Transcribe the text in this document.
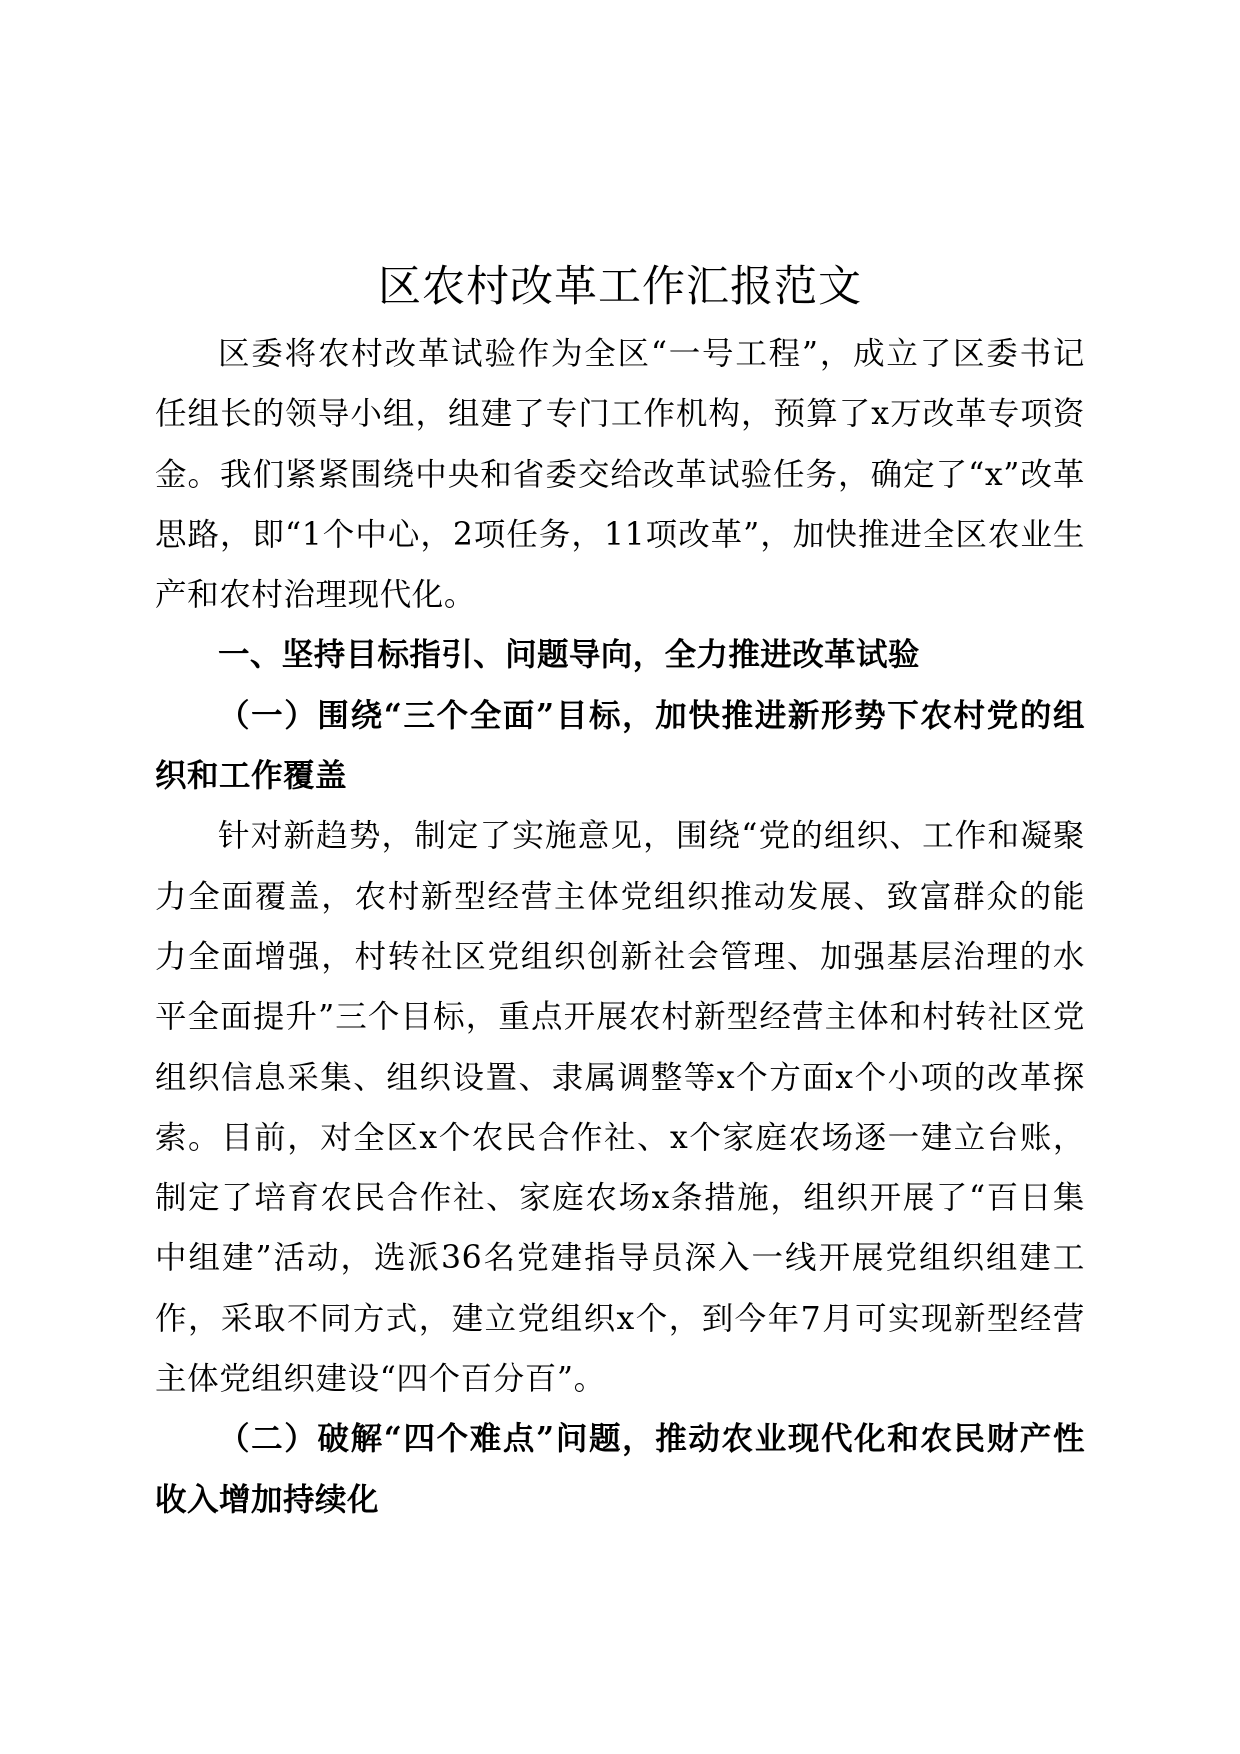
区农村改革工作汇报范文

区委将农村改革试验作为全区“一号工程”，成立了区委书记任组长的领导小组，组建了专门工作机构，预算了x万改革专项资金。我们紧紧围绕中央和省委交给改革试验任务，确定了“x”改革思路，即“1个中心，2项任务，11项改革”，加快推进全区农业生产和农村治理现代化。

一、坚持目标指引、问题导向，全力推进改革试验

（一）围绕“三个全面”目标，加快推进新形势下农村党的组织和工作覆盖

针对新趋势，制定了实施意见，围绕“党的组织、工作和凝聚力全面覆盖，农村新型经营主体党组织推动发展、致富群众的能力全面增强，村转社区党组织创新社会管理、加强基层治理的水平全面提升”三个目标，重点开展农村新型经营主体和村转社区党组织信息采集、组织设置、隶属调整等x个方面x个小项的改革探索。目前，对全区x个农民合作社、x个家庭农场逐一建立台账，制定了培育农民合作社、家庭农场x条措施，组织开展了“百日集中组建”活动，选派36名党建指导员深入一线开展党组织组建工作，采取不同方式，建立党组织x个，到今年7月可实现新型经营主体党组织建设“四个百分百”。

（二）破解“四个难点”问题，推动农业现代化和农民财产性收入增加持续化
